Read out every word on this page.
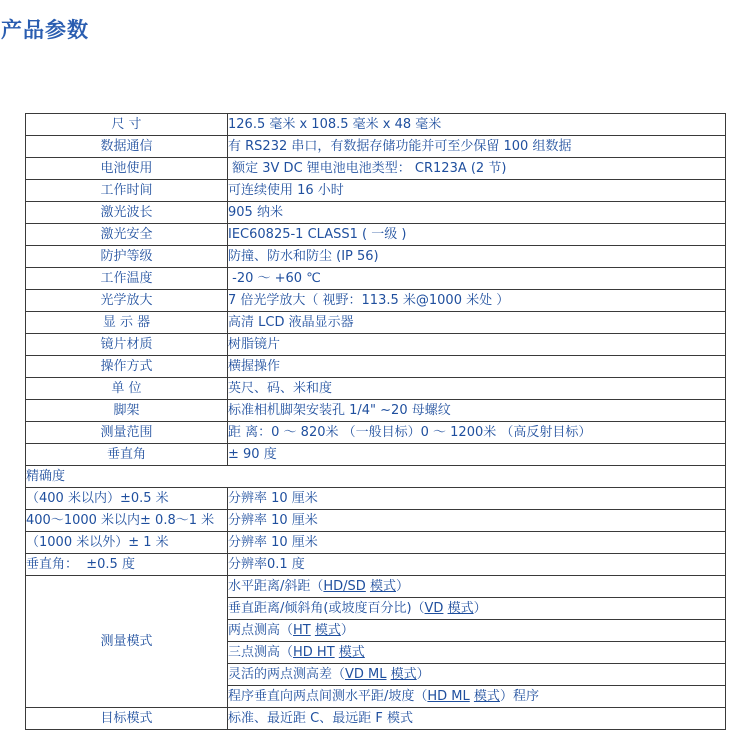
产品参数
尺 寸	126.5 毫米 x 108.5 毫米 x 48 毫米
数据通信	有 RS232 串口，有数据存储功能并可至少保留 100 组数据
电池使用	额定 3V DC 锂电池电池类型： CR123A (2 节)
工作时间	可连续使用 16 小时
激光波长	905 纳米
激光安全	IEC60825-1 CLASS1 ( 一级 )
防护等级	防撞、防水和防尘 (IP 56)
工作温度	-20 ～ +60 ℃
光学放大	7 倍光学放大（ 视野：113.5 米@1000 米处 ）
显 示 器	高清 LCD 液晶显示器
镜片材质	树脂镜片
操作方式	横握操作
单 位	英尺、码、米和度
脚架	标准相机脚架安装孔 1/4" ~20 母螺纹
测量范围	距 离：0 ～ 820米 （一般目标）0 ～ 1200米 （高反射目标）
垂直角	± 90 度
精确度	
（400 米以内）±0.5 米	分辨率 10 厘米
400～1000 米以内± 0.8～1 米	分辨率 10 厘米
（1000 米以外）± 1 米	分辨率 10 厘米
垂直角：  ±0.5 度	分辨率0.1 度
测量模式	水平距离/斜距（HD/SD 模式）
	垂直距离/倾斜角(或坡度百分比)（VD 模式）
	两点测高（HT 模式）
	三点测高（HD HT 模式
	灵活的两点测高差（VD ML 模式）
	程序垂直向两点间测水平距/坡度（HD ML 模式）程序
目标模式	标准、最近距 C、最远距 F 模式
